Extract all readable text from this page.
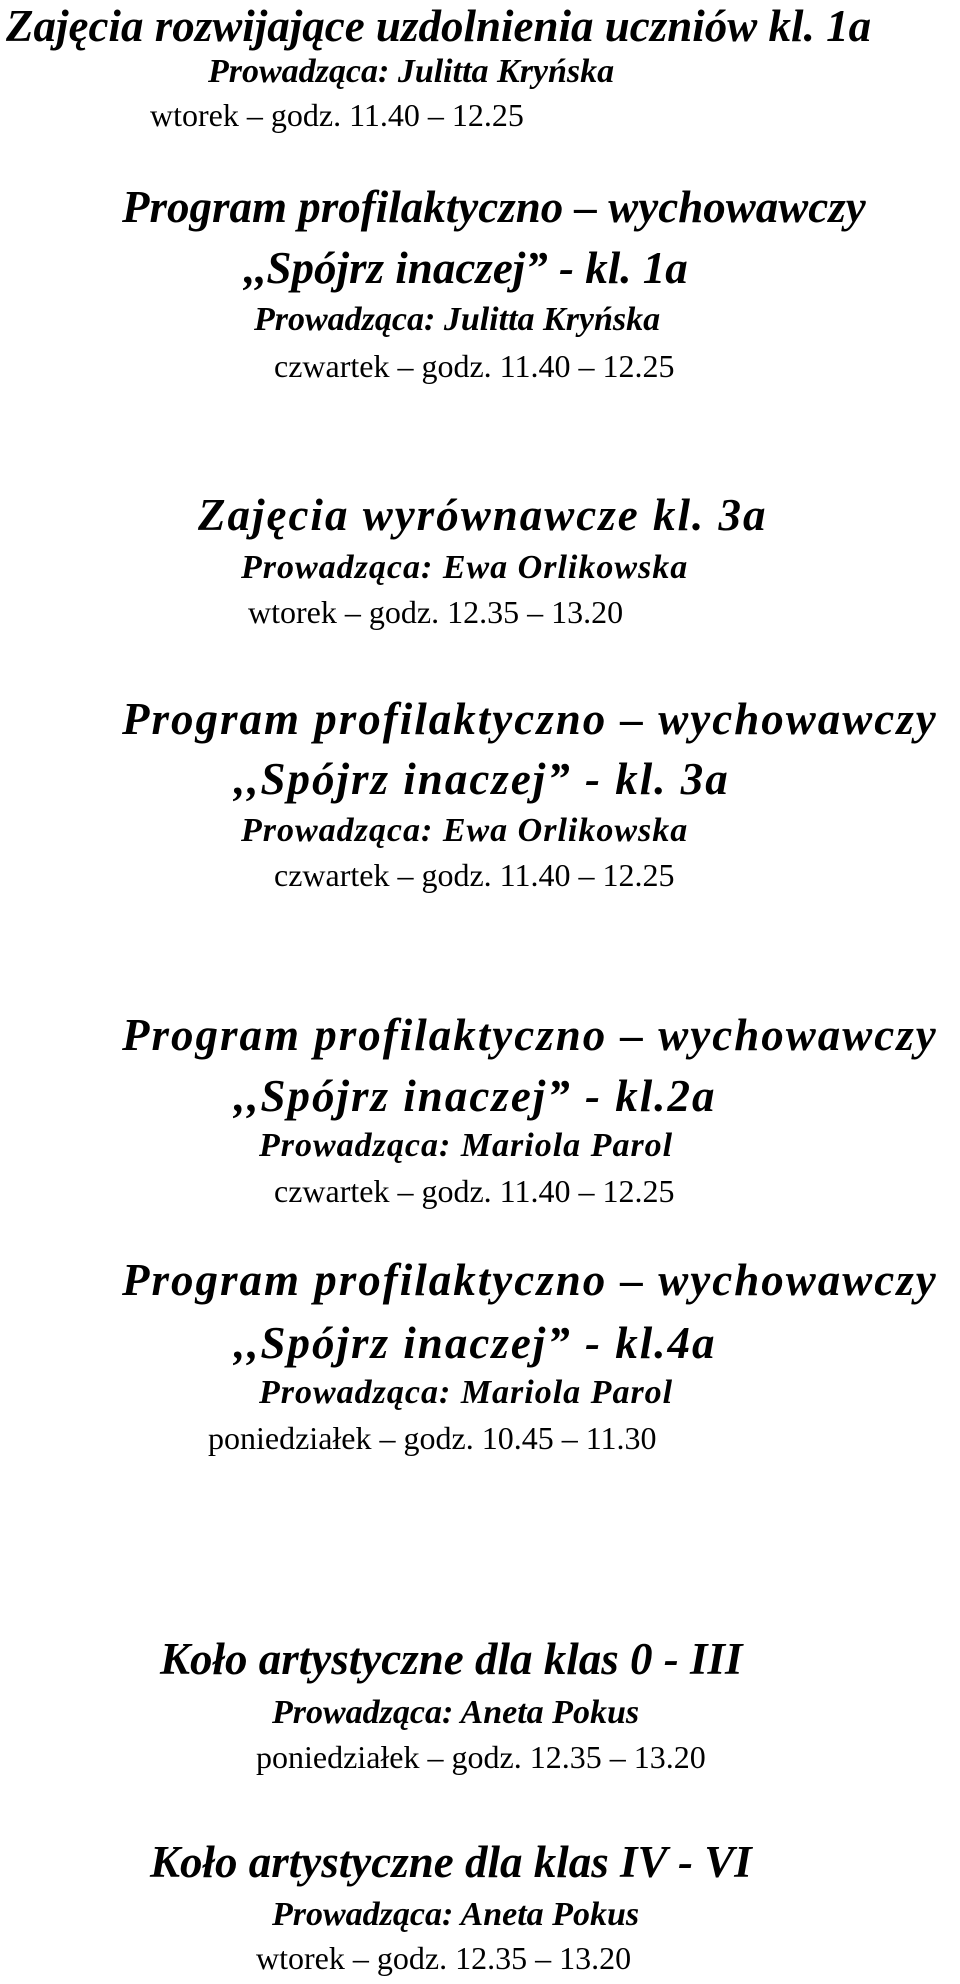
Zajęcia rozwijające uzdolnienia uczniów kl. 1a
Prowadząca: Julitta Kryńska
wtorek – godz. 11.40 – 12.25
Program profilaktyczno – wychowawczy
,,Spójrz inaczej” - kl. 1a
Prowadząca: Julitta Kryńska
czwartek – godz. 11.40 – 12.25
Zajęcia wyrównawcze kl. 3a
Prowadząca: Ewa Orlikowska
wtorek – godz. 12.35 – 13.20
Program profilaktyczno – wychowawczy
,,Spójrz inaczej” - kl. 3a
Prowadząca: Ewa Orlikowska
czwartek – godz. 11.40 – 12.25
Program profilaktyczno – wychowawczy
,,Spójrz inaczej” - kl.2a
Prowadząca: Mariola Parol
czwartek – godz. 11.40 – 12.25
Program profilaktyczno – wychowawczy
,,Spójrz inaczej” - kl.4a
Prowadząca: Mariola Parol
poniedziałek – godz. 10.45 – 11.30
Koło artystyczne dla klas 0 - III
Prowadząca: Aneta Pokus
poniedziałek – godz. 12.35 – 13.20
Koło artystyczne dla klas IV - VI
Prowadząca: Aneta Pokus
wtorek – godz. 12.35 – 13.20
